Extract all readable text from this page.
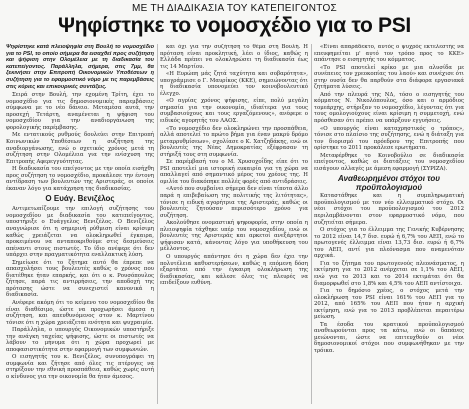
ΜΕ ΤΗ ΔΙΑΔΙΚΑΣΙΑ ΤΟΥ ΚΑΤΕΠΕΙΓΟΝΤΟΣ
Ψηφίστηκε το νομοσχέδιο για το PSI

Ψηφίστηκε κατά πλειοψηφία στη Βουλή το νομοσχέδιο για το PSI, το οποίο σήμερα θα εισαχθεί προς συζήτηση και ψήφιση στην Ολομέλεια με τη διαδικασία του κατεπείγοντος. Παράλληλα, σήμερα, στις 7μμ, θα ξεκινήσει στην Επιτροπή Οικονομικών Υποθέσεων η συζήτηση για το εφαρμοστικό νόμο με τις παρεμβάσεις στις κύριες και επικουρικές συντάξεις.

Σειρά στην Βουλή, την εχομένη Τρίτη, έχει το νομοσχέδιο για τις δημοσιονομικές παρεμβάσεις σύμφωνα με το νέο δάνειο. Μεταμέσα αυτά, την προσεχή Τετάρτη, αναμένεται η ψήφιση του νομοσχεδίου για την αναδιοργάνωση της φορολογικής παρέμβασης.

Με εντατικούς ρυθμούς δουλεύει στην Επιτροπή Κοινωνικών Υποθέσεων η συζήτηση της αναδιοργάνωσης, ενώ ο σχετικός χρόνος μετά τη συζήτηση στην Ολομέλεια για την ενίσχυση της Επιτροπής Αφερεγγυότητας.

Η διαδικασία του επείγοντος με την οποία εισήχθη προς συζήτηση το νομοσχέδιο, προκάλεσε την έντονη αντίδραση των βουλευτών της Αριστεράς, οι οποίοι έκαναν λόγο για κατάχρηση της διαδικασίας.

Ο Ευάγ. Βενιζέλος

Αντιμετωπίζουμε την επιλογή συζήτησης του νομοσχεδίου με διαδικασία του κατεπείγοντος, υποστήριξε ο Ευάγγελος Βενιζέλος. Ο Βενιζέλος αναγνώρισε ότι η σημερινή ρύθμιση είναι κρίσιμη καθώς χρειάζεται να ολοκληρωθεί έγκαιρα, προκειμένου να ανταποκριθούμε στις δεσμεύσεις απέναντι στους πιστωτές. Το ίδιο ανέφερε ότι δεν υπάρχει στην πραγματικότητα εναλλακτική λύση.

Σημείωσε ότι το ζήτημα αυτό θα έπρεπε να απασχολήσει τους βουλευτές καθώς ο χρόνος που διατέθηκε ήταν επαρκής, και ότι ο κ. Ρουσόπουλος ζήτησε, παρά τις αντιρρήσεις, την αποδοχή της πρότασης ώστε να συνεχιστεί κανονικά η διαδικασία.

Ανέφερε ακόμη ότι το κείμενο του νομοσχεδίου θα είναι διαθέσιμο, ώστε να προχωρήσει άμεσα η συζήτηση, και απευθυνόμενος στον κ. Μαρτίνου τόνισε ότι η χώρα χρειάζεται ενότητα και ψυχραιμία.

Παράλληλα, ο υπουργός Οικονομικών υποστήριξε την ανάγκη ταχείας ψήφισης, ώστε οι πιστωτές να λάβουν το μήνυμα ότι η χώρα προχωρεί με αποφασιστικότητα στην εφαρμογή των συμφωνιών.

Ο εισηγητής του κ. Βενιζέλος, συνυπογράφει τη συμφωνία και ζήτησε από όλες τις πτέρυγες να στηρίξουν την εθνική προσπάθεια, καθώς χωρίς αυτή ο κίνδυνος για την οικονομία θα ήταν άμεσος.

και όχι για την συζήτηση το θέμα στη Βουλή. Η πρόταση είναι προκλητική, λέει ο ίδιος, καθώς η Ελλάδα πρέπει να ολοκληρώσει τη διαδικασία έως τις 14 Μαρτίου.

«Η Ευρώπη μάς ζητά ταχύτητα και σοβαρότητα», υπογράμμισε ο Γ. Μαυρίκος (ΚΚΕ), σημειώνοντας ότι η διαδικασία υπονομεύει τον κοινοβουλευτικό έλεγχο.

«Ο αγρίας χρόνος ψήφισης, είπε, πολύ μεγάλη σημασία για την οικονομία, ιδιαίτερα για τους συμβασιούχους και τους εργαζόμενους», ανέφερε ο ειδικός αγορητής του ΛΑΟΣ.

«Το νομοσχέδιο δεν ολοκληρώνει την προσπάθεια, αλλά αποτελεί το πρώτο βήμα για έναν μακρύ δρόμο μεταρρυθμίσεων», σχολίασε ο Κ. Χατζηδάκης, ενώ οι βουλευτές της Νέας Δημοκρατίας εξέφρασαν τη στήριξή τους στη συμφωνία.

Σε παρέμβασή του ο Μ. Χρυσοχοΐδης είπε ότι το PSI αποτελεί μια ιστορική ευκαιρία για τη χώρα να απαλλαγεί από σημαντικό μέρος του χρέους της. Η ομιλία του διακόπηκε πολλές φορές από αντιδράσεις.

«Αυτό που συμβαίνει σήμερα δεν είναι τίποτα άλλο παρά η επιβεβαίωση της πολιτικής της λιτότητας», τόνισε η ειδική αγορήτρια της Αριστεράς, καθώς οι βουλευτές ζητούσαν περισσότερο χρόνο για συζήτηση.

Ακολούθησε ονομαστική ψηφοφορία, στην οποία η πλειοψηφία τάχθηκε υπέρ του νομοσχεδίου, ενώ οι βουλευτές της Αριστεράς και αρκετοί ανεξάρτητοι ψήφισαν κατά, κάνοντας λόγο για υποθήκευση του μέλλοντος.

Ο υπουργός απάντησε ότι η χώρα δεν έχει την πολυτέλεια καθυστερήσεων, καθώς η επόμενη δόση εξαρτάται από την έγκαιρη ολοκλήρωση της διαδικασίας, και κάλεσε όλες τις πλευρές να επιδείξουν ευθύνη.

«Είναι απαράδεκτο, αυτός ο ψυχρός εκτελεστής να επευφημείται μ' αυτό τον τρόπο προς το ΚΚΕ» απάντησε ο εισηγητής του κόμματος.

«Το PSI αποτελεί κρίκο με μια αλυσίδα με συνέπειες τον χρεοκοπίας του λαού» και συνέχισε ότι στην ουσία δεν θα παρθούν στα διάφορα εργασιακά ζητήματα λύσεις.

Από την πλευρά της ΝΔ, τόσο ο εισηγητής του κόμματος Ν. Νικολόπουλος, όσο και ο αρμόδιος τομεάρχης, στήριξαν το νομοσχέδιο, λέγοντας ότι για τους ομολογιούχους είναι κρίσιμη η συμμετοχή, ενώ πρόσθεσαν ότι πρέπει να υπάρξουν εγγυήσεις.

«Ο υπουργός είναι καταχρηστικός ο τρόπος», τόνισε στο πλαίσιο της συζήτησης, ενώ η διάταξη για τον διορισμό του πρόεδρου της Επιτροπής που ορίστηκε το 2011 προκάλεσε ερωτήματα.

Μεταφέρθηκε το Κοινοβούλιο σε διαδικασία επείγοντος, καθώς οι διατάξεις του νομοσχεδίου εισάγουν αλλαγές με άμεση εφαρμογή (ΣΥΡΙΖΑ).

Αναθεωρημένοι στόχοι του προϋπολογισμού

Καταστάθηκε και η συμπληρωματική προϋπολογισμού με τον νέο ελλειμματικό στόχο. Οι νέοι στόχοι του προϋπολογισμού του 2012 περιλαμβάνονται στον εφαρμοστικό νόμο, που συζητείται σήμερα.

Ο στόχος για το έλλειμμα της Γενικής Κυβέρνησης το 2012 είναι 14,7 δισ. ευρώ ή 6,7% του ΑΕΠ, ενώ το πρωτογενές έλλειμμα είναι 13,73 δισ. ευρώ ή 6,7% του ΑΕΠ, αντί για πλεόνασμα που αναμενόταν αρχικά.

Για το ζήτημα του πρωτογενούς πλεονάσματος, η εκτίμηση για το 2012 ανέρχεται σε 1,1% του ΑΕΠ, ενώ για το 2013 και το 2014 εκτιμάται ότι θα διαμορφωθεί στο 1,8% και 4,5% του ΑΕΠ αντίστοιχα.

Για το δημόσιο χρέος, ο στόχος μετά την ολοκλήρωση του PSI είναι 161% του ΑΕΠ για το 2012, από 165% του ΑΕΠ που ήταν η αρχική εκτίμηση, ενώ για το 2013 προβλέπεται περαιτέρω μείωση.

Τα έσοδα του κρατικού προϋπολογισμού αναθεωρούνται προς τα κάτω, ενώ οι δαπάνες μειώνονται, ώστε να επιτευχθούν οι νέοι δημοσιονομικοί στόχοι που συμφωνήθηκαν με την τρόικα.
